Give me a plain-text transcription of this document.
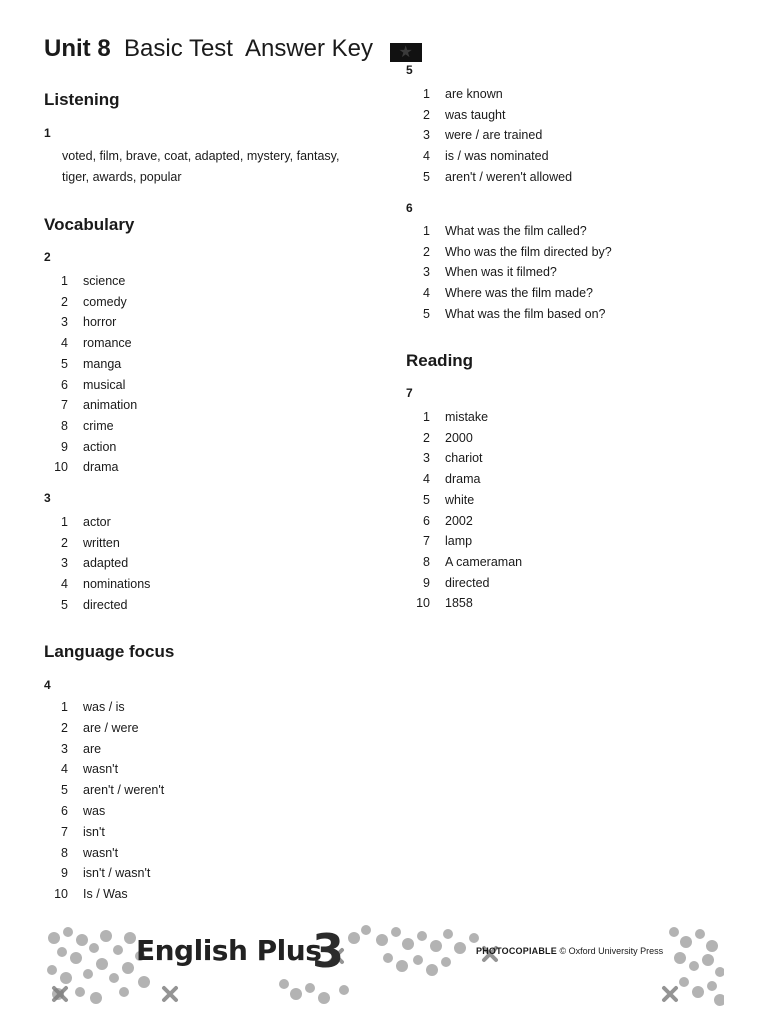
Unit 8 Basic Test  Answer Key ★
Listening
1
voted, film, brave, coat, adapted, mystery, fantasy,
tiger, awards, popular
Vocabulary
2
1 science
2 comedy
3 horror
4 romance
5 manga
6 musical
7 animation
8 crime
9 action
10 drama
3
1 actor
2 written
3 adapted
4 nominations
5 directed
Language focus
4
1 was / is
2 are / were
3 are
4 wasn't
5 aren't / weren't
6 was
7 isn't
8 wasn't
9 isn't / wasn't
10 Is / Was
5
1 are known
2 was taught
3 were / are trained
4 is / was nominated
5 aren't / weren't allowed
6
1 What was the film called?
2 Who was the film directed by?
3 When was it filmed?
4 Where was the film made?
5 What was the film based on?
Reading
7
1 mistake
2 2000
3 chariot
4 drama
5 white
6 2002
7 lamp
8 A cameraman
9 directed
10 1858
English Plus
3	PHOTOCOPIABLE © Oxford University Press
